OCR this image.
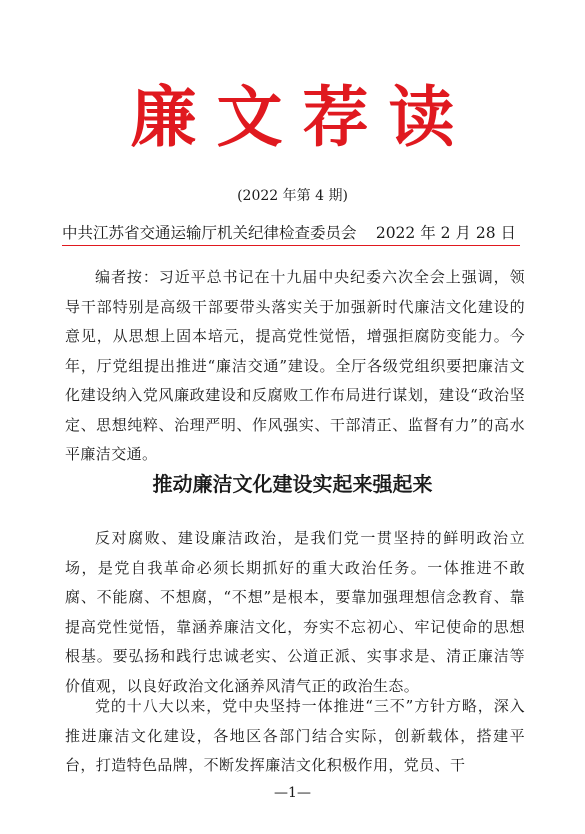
廉文荐读
(2022 年第 4 期)
中共江苏省交通运输厅机关纪律检查委员会 2022 年 2 月 28 日

编者按：习近平总书记在十九届中央纪委六次全会上强调，领导干部特别是高级干部要带头落实关于加强新时代廉洁文化建设的意见，从思想上固本培元，提高党性觉悟，增强拒腐防变能力。今年，厅党组提出推进“廉洁交通”建设。全厅各级党组织要把廉洁文化建设纳入党风廉政建设和反腐败工作布局进行谋划，建设“政治坚定、思想纯粹、治理严明、作风强实、干部清正、监督有力”的高水平廉洁交通。

推动廉洁文化建设实起来强起来

反对腐败、建设廉洁政治，是我们党一贯坚持的鲜明政治立场，是党自我革命必须长期抓好的重大政治任务。一体推进不敢腐、不能腐、不想腐，“不想”是根本，要靠加强理想信念教育、靠提高党性觉悟，靠涵养廉洁文化，夯实不忘初心、牢记使命的思想根基。要弘扬和践行忠诚老实、公道正派、实事求是、清正廉洁等价值观，以良好政治文化涵养风清气正的政治生态。

党的十八大以来，党中央坚持一体推进“三不”方针方略，深入推进廉洁文化建设，各地区各部门结合实际，创新载体，搭建平台，打造特色品牌，不断发挥廉洁文化积极作用，党员、干

—1—
